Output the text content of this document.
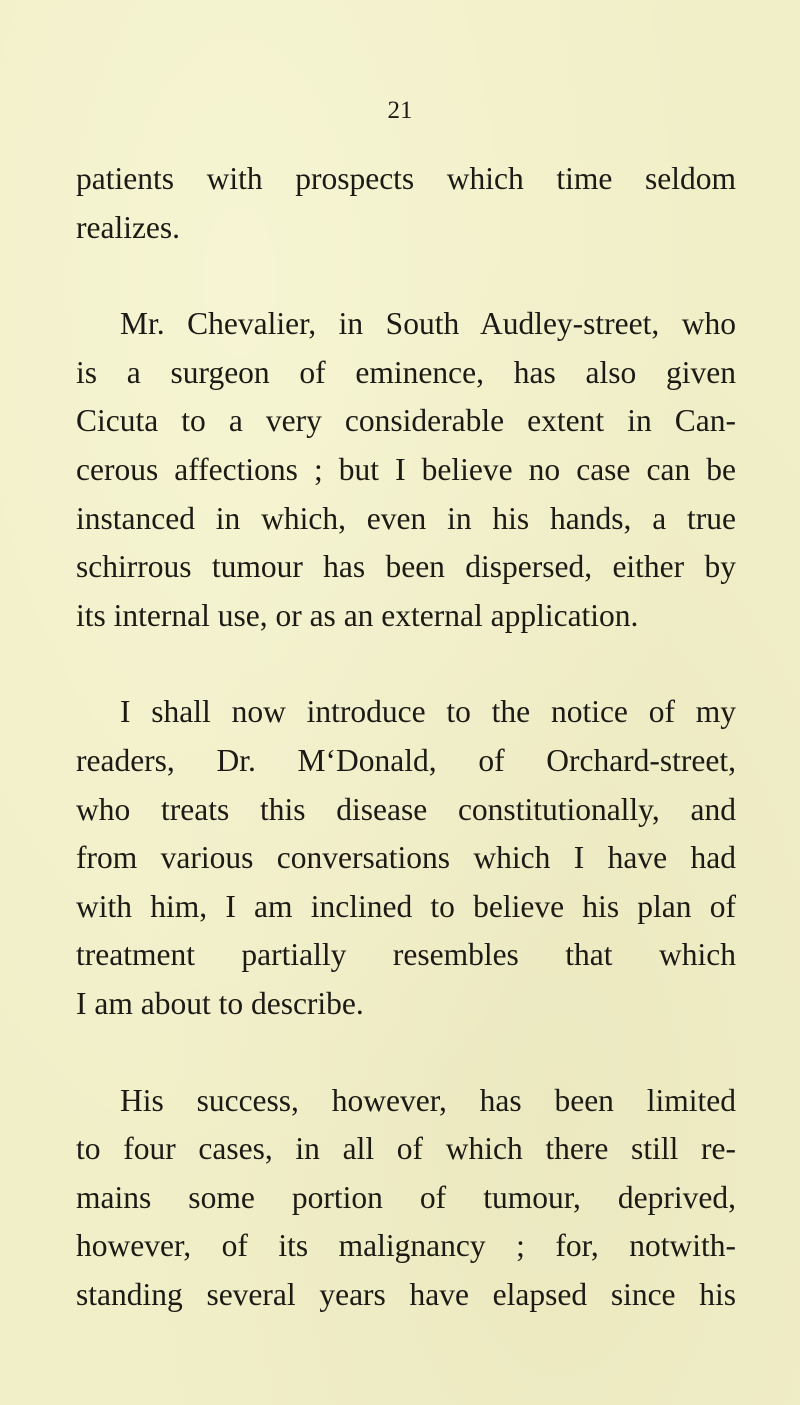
21

patients with prospects which time seldom
realizes.

Mr. Chevalier, in South Audley-street, who
is a surgeon of eminence, has also given
Cicuta to a very considerable extent in Can-
cerous affections ; but I believe no case can be
instanced in which, even in his hands, a true
schirrous tumour has been dispersed, either by
its internal use, or as an external application.

I shall now introduce to the notice of my
readers, Dr. M‘Donald, of Orchard-street,
who treats this disease constitutionally, and
from various conversations which I have had
with him, I am inclined to believe his plan of
treatment partially resembles that which
I am about to describe.

His success, however, has been limited
to four cases, in all of which there still re-
mains some portion of tumour, deprived,
however, of its malignancy ; for, notwith-
standing several years have elapsed since his
